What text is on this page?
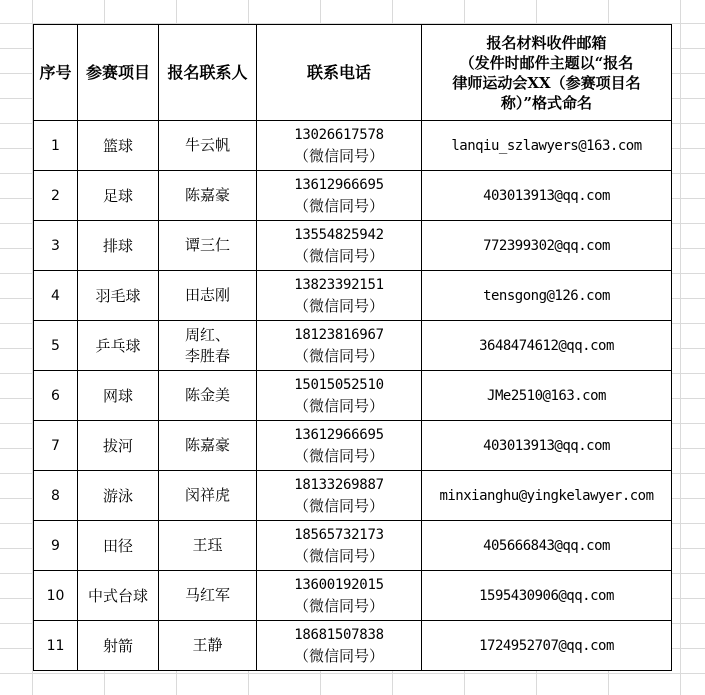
序号	参赛项目	报名联系人	联系电话	报名材料收件邮箱
（发件时邮件主题以“报名
律师运动会XX（参赛项目名
称）”格式命名

1	篮球	牛云帆	13026617578
（微信同号）	lanqiu_szlawyers@163.com
2	足球	陈嘉豪	13612966695
（微信同号）	403013913@qq.com
3	排球	谭三仁	13554825942
（微信同号）	772399302@qq.com
4	羽毛球	田志刚	13823392151
（微信同号）	tensgong@126.com
5	乒乓球	周红、
李胜春	18123816967
（微信同号）	3648474612@qq.com
6	网球	陈金美	15015052510
（微信同号）	JMe2510@163.com
7	拔河	陈嘉豪	13612966695
（微信同号）	403013913@qq.com
8	游泳	闵祥虎	18133269887
（微信同号）	minxianghu@yingkelawyer.com
9	田径	王珏	18565732173
（微信同号）	405666843@qq.com
10	中式台球	马红军	13600192015
（微信同号）	1595430906@qq.com
11	射箭	王静	18681507838
（微信同号）	1724952707@qq.com
